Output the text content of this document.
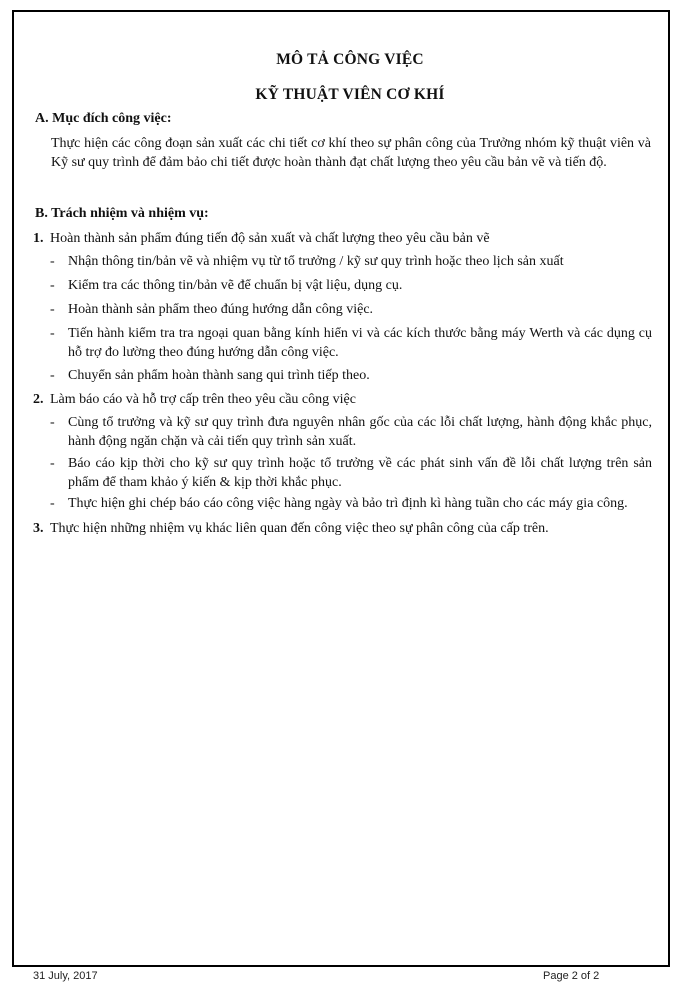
MÔ TẢ CÔNG VIỆC
KỸ THUẬT VIÊN CƠ KHÍ
A. Mục đích công việc:
Thực hiện các công đoạn sản xuất các chi tiết cơ khí theo sự phân công của Trưởng nhóm kỹ thuật viên và Kỹ sư quy trình để đảm bảo chi tiết được hoàn thành đạt chất lượng theo yêu cầu bản vẽ và tiến độ.
B. Trách nhiệm và nhiệm vụ:
1. Hoàn thành sản phẩm đúng tiến độ sản xuất và chất lượng theo yêu cầu bản vẽ
- Nhận thông tin/bản vẽ và nhiệm vụ từ tổ trưởng / kỹ sư quy trình hoặc theo lịch sản xuất
- Kiểm tra các thông tin/bản vẽ để chuẩn bị vật liệu, dụng cụ.
- Hoàn thành sản phẩm theo đúng hướng dẫn công việc.
- Tiến hành kiểm tra tra ngoại quan bằng kính hiển vi và các kích thước bằng máy Werth và các dụng cụ hỗ trợ đo lường theo đúng hướng dẫn công việc.
- Chuyển sản phẩm hoàn thành sang qui trình tiếp theo.
2. Làm báo cáo và hỗ trợ cấp trên theo yêu cầu công việc
- Cùng tổ trưởng và kỹ sư quy trình đưa nguyên nhân gốc của các lỗi chất lượng, hành động khắc phục, hành động ngăn chặn và cải tiến quy trình sản xuất.
- Báo cáo kịp thời cho kỹ sư quy trình hoặc tổ trưởng về các phát sinh vấn đề lỗi chất lượng trên sản phẩm để tham khảo ý kiến & kịp thời khắc phục.
- Thực hiện ghi chép báo cáo công việc hàng ngày và bảo trì định kì hàng tuần cho các máy gia công.
3. Thực hiện những nhiệm vụ khác liên quan đến công việc theo sự phân công của cấp trên.
31 July, 2017	Page 2 of 2
